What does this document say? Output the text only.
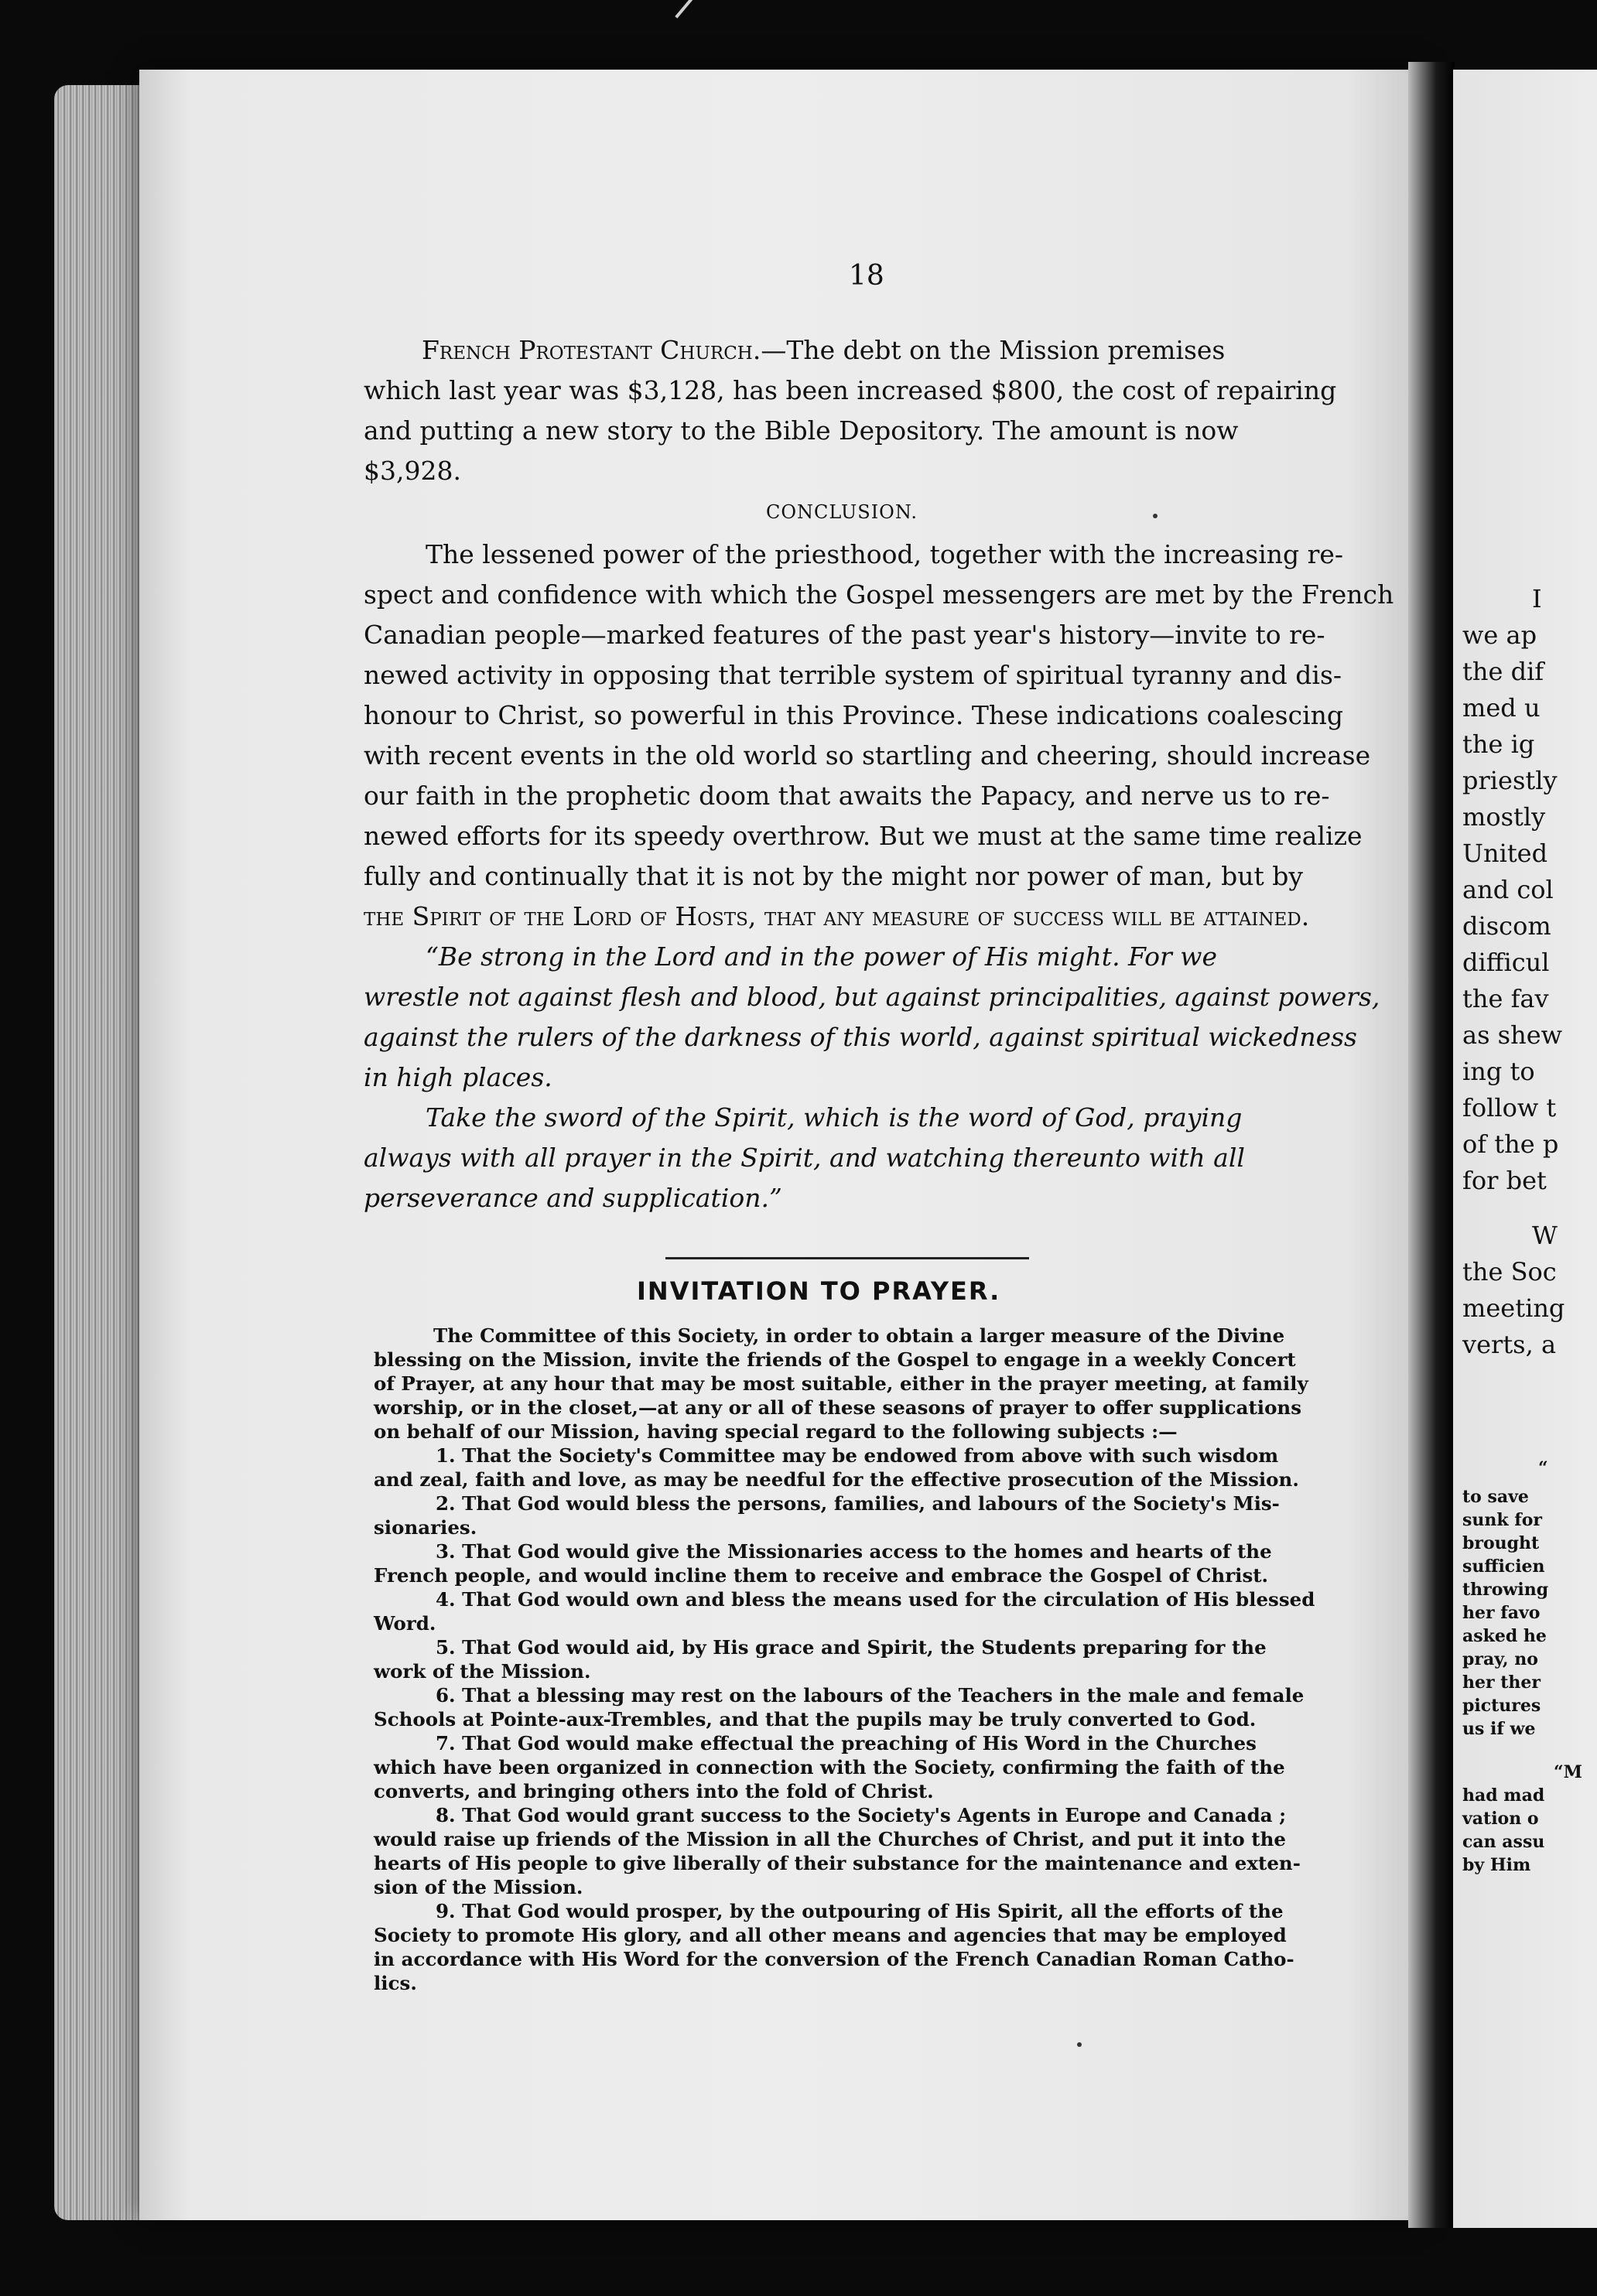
I
we ap
the dif
med u
the ig
priestly
mostly
United
and col
discom
difficul
the fav
as shew
ing to
follow t
of the p
for bet
W
the Soc
meeting
verts, a
“
to save
sunk for
brought
sufficien
throwing
her favo
asked he
pray, no
her ther
pictures
us if we
“M
had mad
vation o
can assu
by Him
18
French Protestant Church.—The debt on the Mission premises
which last year was $3,128, has been increased $800, the cost of repairing
and putting a new story to the Bible Depository. The amount is now
$3,928.
CONCLUSION.
The lessened power of the priesthood, together with the increasing re-
spect and confidence with which the Gospel messengers are met by the French
Canadian people—marked features of the past year's history—invite to re-
newed activity in opposing that terrible system of spiritual tyranny and dis-
honour to Christ, so powerful in this Province. These indications coalescing
with recent events in the old world so startling and cheering, should increase
our faith in the prophetic doom that awaits the Papacy, and nerve us to re-
newed efforts for its speedy overthrow. But we must at the same time realize
fully and continually that it is not by the might nor power of man, but by
the Spirit of the Lord of Hosts, that any measure of success will be attained.
“Be strong in the Lord and in the power of His might. For we
wrestle not against flesh and blood, but against principalities, against powers,
against the rulers of the darkness of this world, against spiritual wickedness
in high places.
Take the sword of the Spirit, which is the word of God, praying
always with all prayer in the Spirit, and watching thereunto with all
perseverance and supplication.”
INVITATION TO PRAYER.
The Committee of this Society, in order to obtain a larger measure of the Divine
blessing on the Mission, invite the friends of the Gospel to engage in a weekly Concert
of Prayer, at any hour that may be most suitable, either in the prayer meeting, at family
worship, or in the closet,—at any or all of these seasons of prayer to offer supplications
on behalf of our Mission, having special regard to the following subjects :—
1. That the Society's Committee may be endowed from above with such wisdom
and zeal, faith and love, as may be needful for the effective prosecution of the Mission.
2. That God would bless the persons, families, and labours of the Society's Mis-
sionaries.
3. That God would give the Missionaries access to the homes and hearts of the
French people, and would incline them to receive and embrace the Gospel of Christ.
4. That God would own and bless the means used for the circulation of His blessed
Word.
5. That God would aid, by His grace and Spirit, the Students preparing for the
work of the Mission.
6. That a blessing may rest on the labours of the Teachers in the male and female
Schools at Pointe-aux-Trembles, and that the pupils may be truly converted to God.
7. That God would make effectual the preaching of His Word in the Churches
which have been organized in connection with the Society, confirming the faith of the
converts, and bringing others into the fold of Christ.
8. That God would grant success to the Society's Agents in Europe and Canada ;
would raise up friends of the Mission in all the Churches of Christ, and put it into the
hearts of His people to give liberally of their substance for the maintenance and exten-
sion of the Mission.
9. That God would prosper, by the outpouring of His Spirit, all the efforts of the
Society to promote His glory, and all other means and agencies that may be employed
in accordance with His Word for the conversion of the French Canadian Roman Catho-
lics.
